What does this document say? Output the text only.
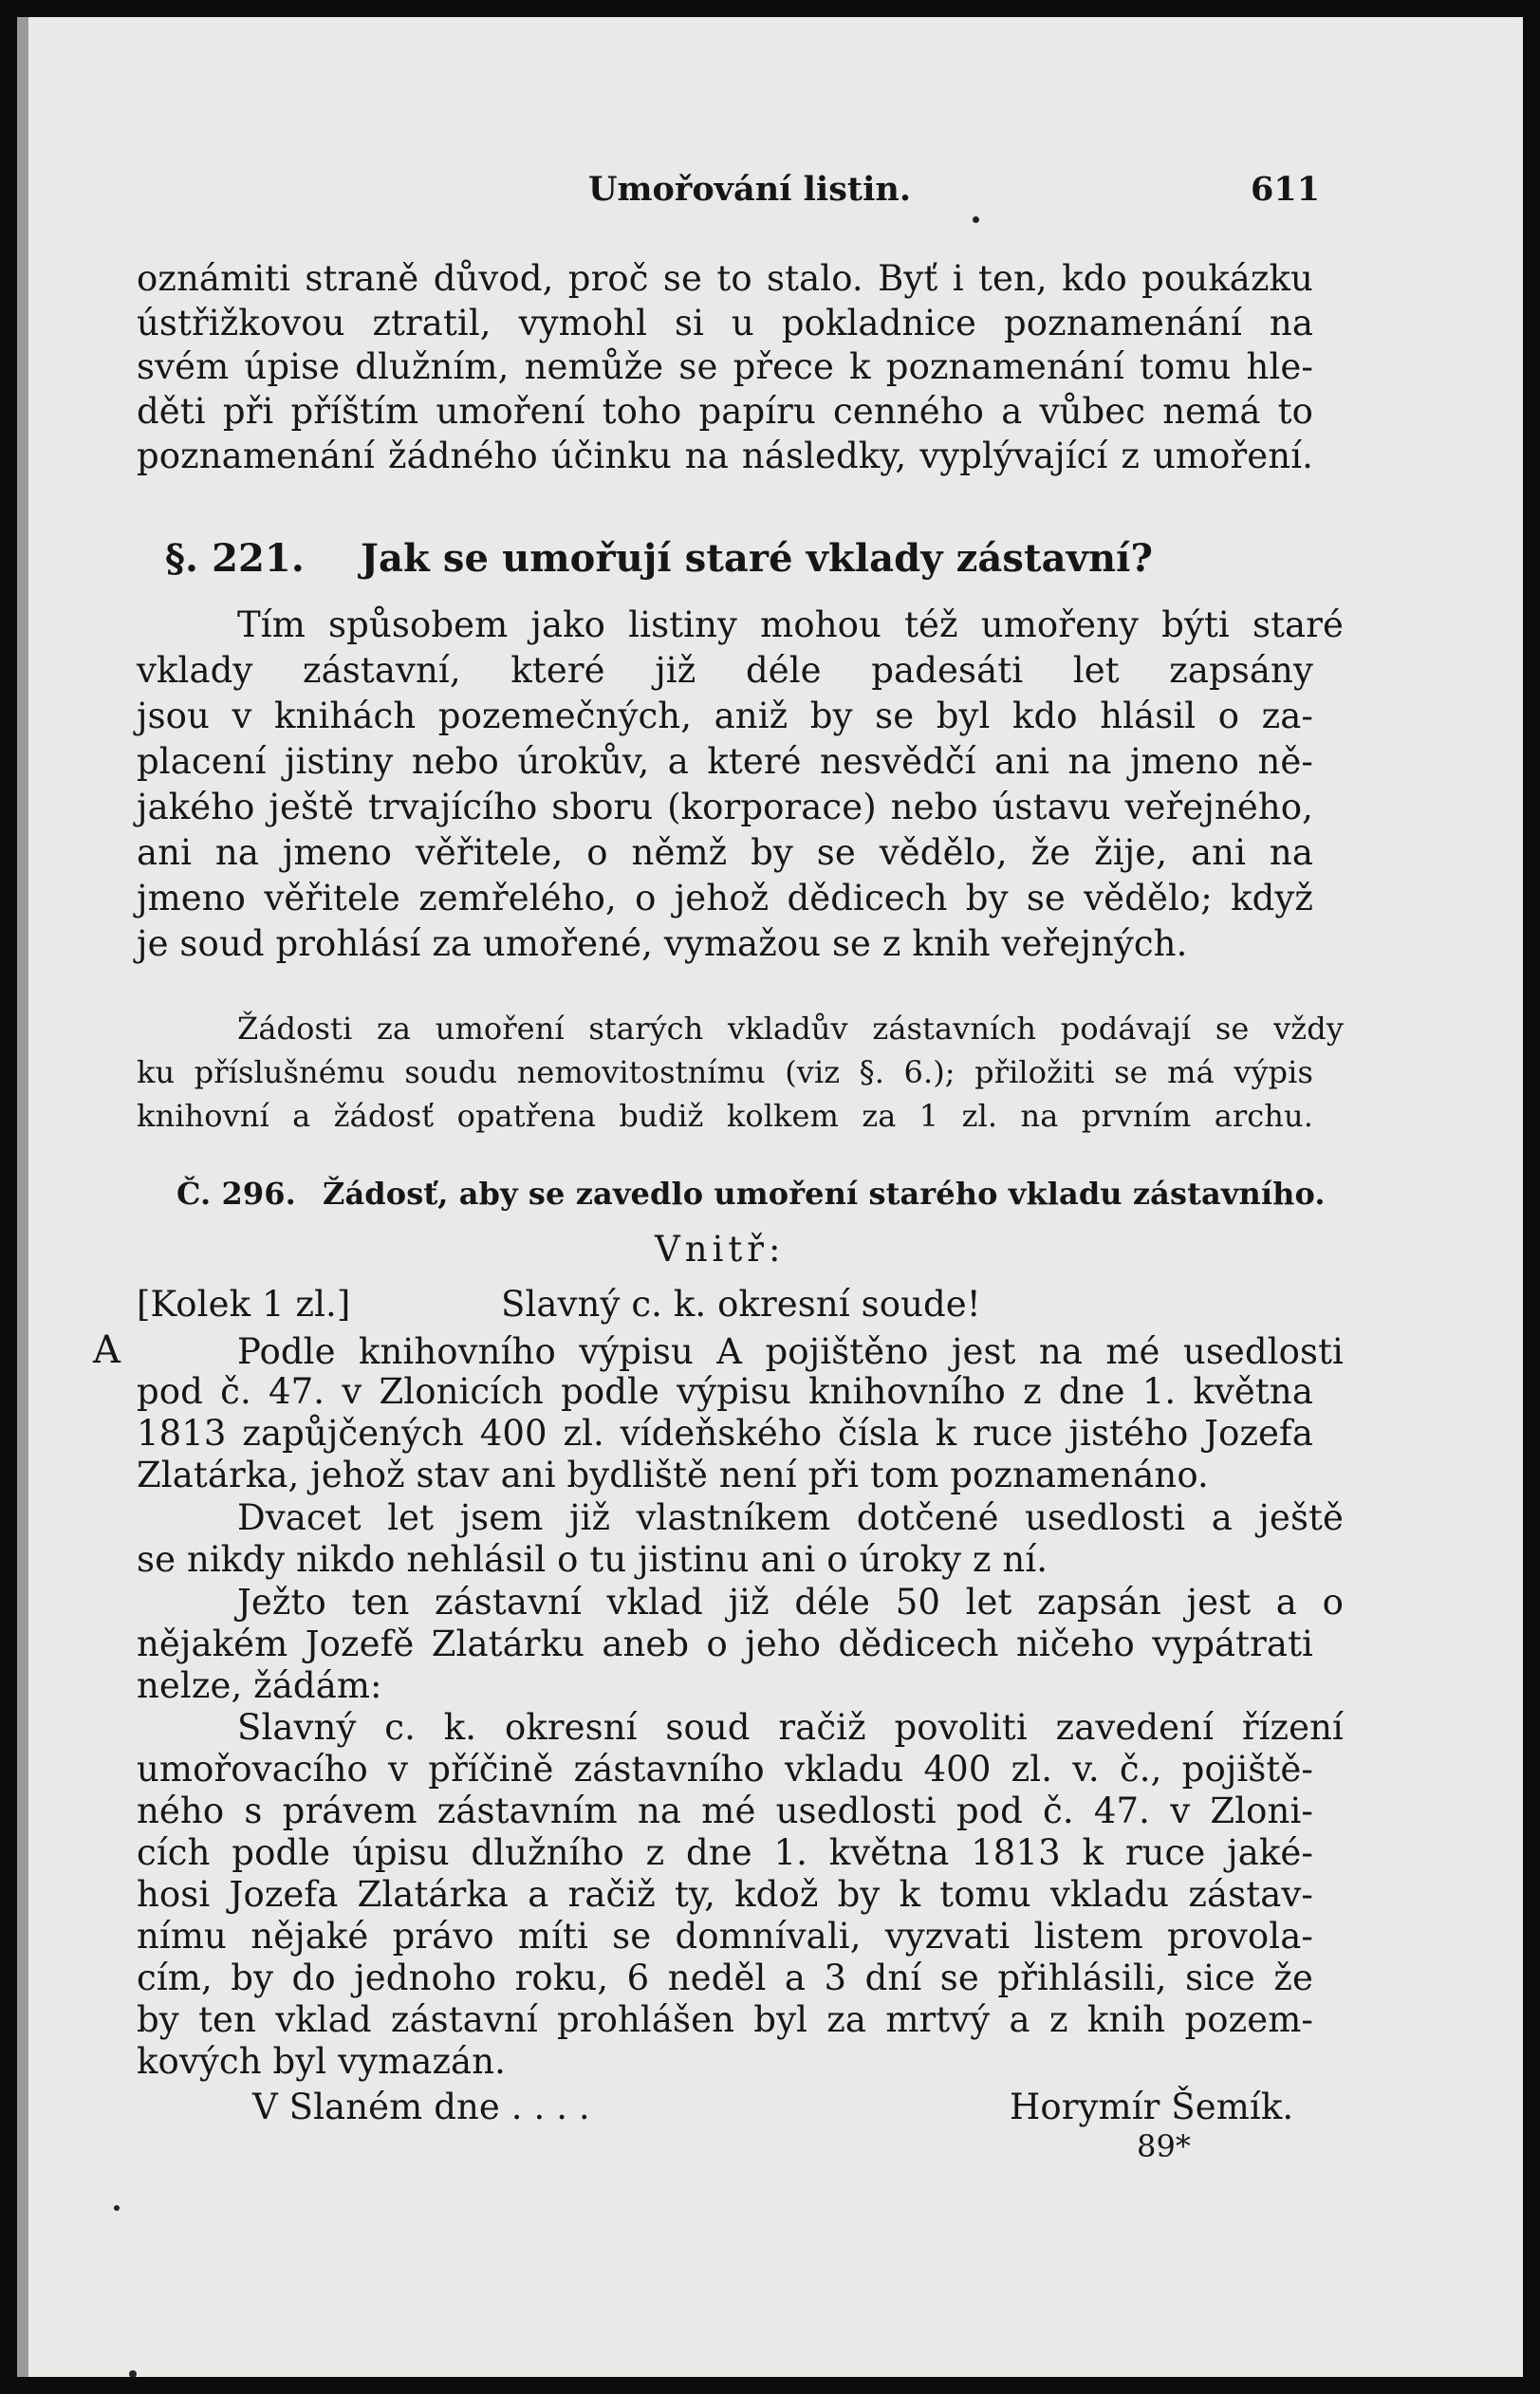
Umořování listin.	611
oznámiti straně důvod, proč se to stalo. Byť i ten, kdo poukázku
ústřižkovou ztratil, vymohl si u pokladnice poznamenání na
svém úpise dlužním, nemůže se přece k poznamenání tomu hle-
děti při příštím umoření toho papíru cenného a vůbec nemá to
poznamenání žádného účinku na následky, vyplývající z umoření.
§. 221. Jak se umořují staré vklady zástavní?
Tím spůsobem jako listiny mohou též umořeny býti staré
vklady zástavní, které již déle padesáti let zapsány
jsou v knihách pozemečných, aniž by se byl kdo hlásil o za-
placení jistiny nebo úrokův, a které nesvědčí ani na jmeno ně-
jakého ještě trvajícího sboru (korporace) nebo ústavu veřejného,
ani na jmeno věřitele, o němž by se vědělo, že žije, ani na
jmeno věřitele zemřelého, o jehož dědicech by se vědělo; když
je soud prohlásí za umořené, vymažou se z knih veřejných.
Žádosti za umoření starých vkladův zástavních podávají se vždy
ku příslušnému soudu nemovitostnímu (viz §. 6.); přiložiti se má výpis
knihovní a žádosť opatřena budiž kolkem za 1 zl. na prvním archu.
Č. 296. Žádosť, aby se zavedlo umoření starého vkladu zástavního.
Vnitř:
[Kolek 1 zl.]	Slavný c. k. okresní soude!
A	Podle knihovního výpisu A pojištěno jest na mé usedlosti
pod č. 47. v Zlonicích podle výpisu knihovního z dne 1. května
1813 zapůjčených 400 zl. vídeňského čísla k ruce jistého Jozefa
Zlatárka, jehož stav ani bydliště není při tom poznamenáno.
Dvacet let jsem již vlastníkem dotčené usedlosti a ještě
se nikdy nikdo nehlásil o tu jistinu ani o úroky z ní.
Ježto ten zástavní vklad již déle 50 let zapsán jest a o
nějakém Jozefě Zlatárku aneb o jeho dědicech ničeho vypátrati
nelze, žádám:
Slavný c. k. okresní soud račiž povoliti zavedení řízení
umořovacího v příčině zástavního vkladu 400 zl. v. č., pojiště-
ného s právem zástavním na mé usedlosti pod č. 47. v Zloni-
cích podle úpisu dlužního z dne 1. května 1813 k ruce jaké-
hosi Jozefa Zlatárka a račiž ty, kdož by k tomu vkladu zástav-
nímu nějaké právo míti se domnívali, vyzvati listem provola-
cím, by do jednoho roku, 6 neděl a 3 dní se přihlásili, sice že
by ten vklad zástavní prohlášen byl za mrtvý a z knih pozem-
kových byl vymazán.
V Slaném dne . . . .	Horymír Šemík.
89*
